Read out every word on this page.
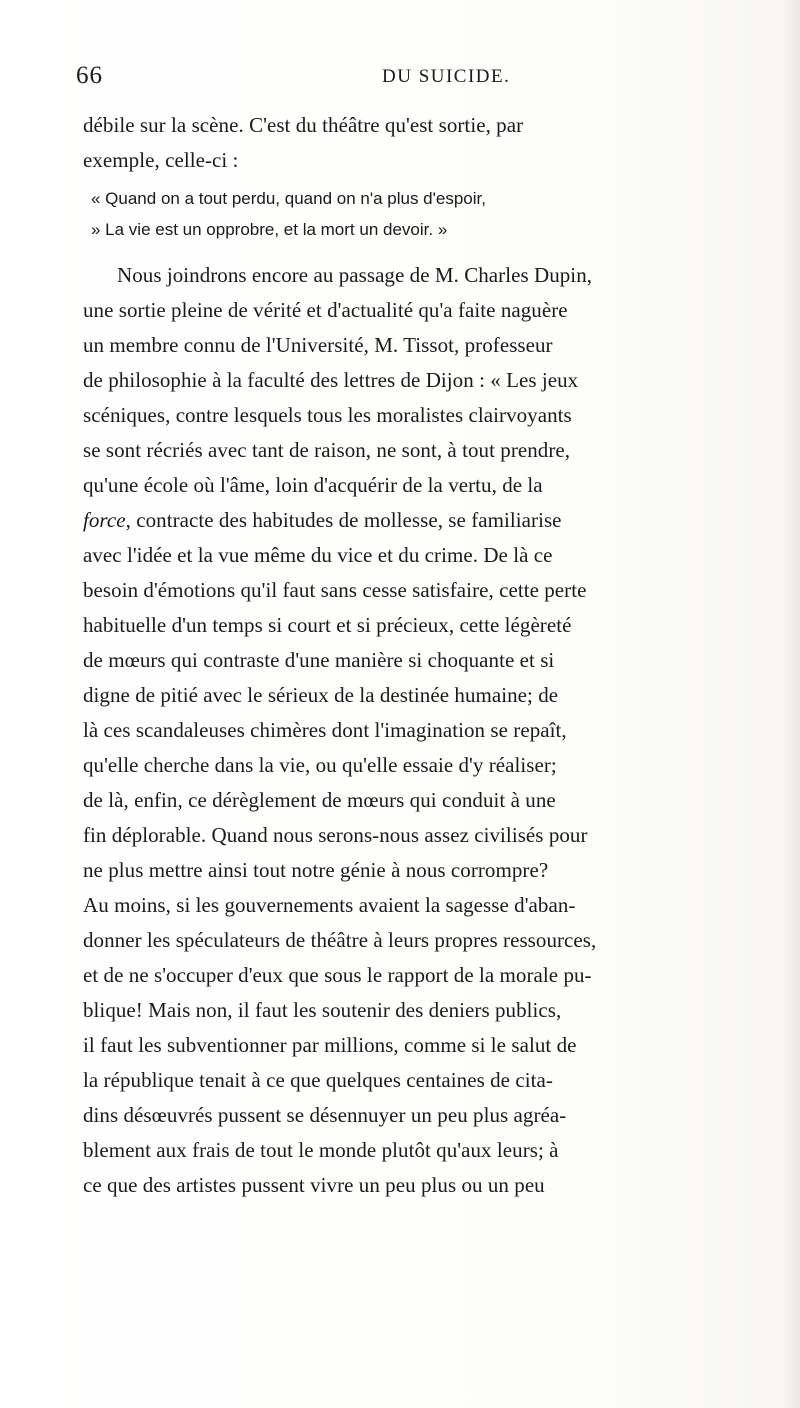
66	DU SUICIDE.
débile sur la scène. C'est du théâtre qu'est sortie, par
exemple, celle-ci :
« Quand on a tout perdu, quand on n'a plus d'espoir,
» La vie est un opprobre, et la mort un devoir. »
Nous joindrons encore au passage de M. Charles Dupin,
une sortie pleine de vérité et d'actualité qu'a faite naguère
un membre connu de l'Université, M. Tissot, professeur
de philosophie à la faculté des lettres de Dijon : « Les jeux
scéniques, contre lesquels tous les moralistes clairvoyants
se sont récriés avec tant de raison, ne sont, à tout prendre,
qu'une école où l'âme, loin d'acquérir de la vertu, de la
force, contracte des habitudes de mollesse, se familiarise
avec l'idée et la vue même du vice et du crime. De là ce
besoin d'émotions qu'il faut sans cesse satisfaire, cette perte
habituelle d'un temps si court et si précieux, cette légèreté
de mœurs qui contraste d'une manière si choquante et si
digne de pitié avec le sérieux de la destinée humaine; de
là ces scandaleuses chimères dont l'imagination se repaît,
qu'elle cherche dans la vie, ou qu'elle essaie d'y réaliser;
de là, enfin, ce dérèglement de mœurs qui conduit à une
fin déplorable. Quand nous serons-nous assez civilisés pour
ne plus mettre ainsi tout notre génie à nous corrompre?
Au moins, si les gouvernements avaient la sagesse d'aban-
donner les spéculateurs de théâtre à leurs propres ressources,
et de ne s'occuper d'eux que sous le rapport de la morale pu-
blique! Mais non, il faut les soutenir des deniers publics,
il faut les subventionner par millions, comme si le salut de
la république tenait à ce que quelques centaines de cita-
dins désœuvrés pussent se désennuyer un peu plus agréa-
blement aux frais de tout le monde plutôt qu'aux leurs; à
ce que des artistes pussent vivre un peu plus ou un peu
